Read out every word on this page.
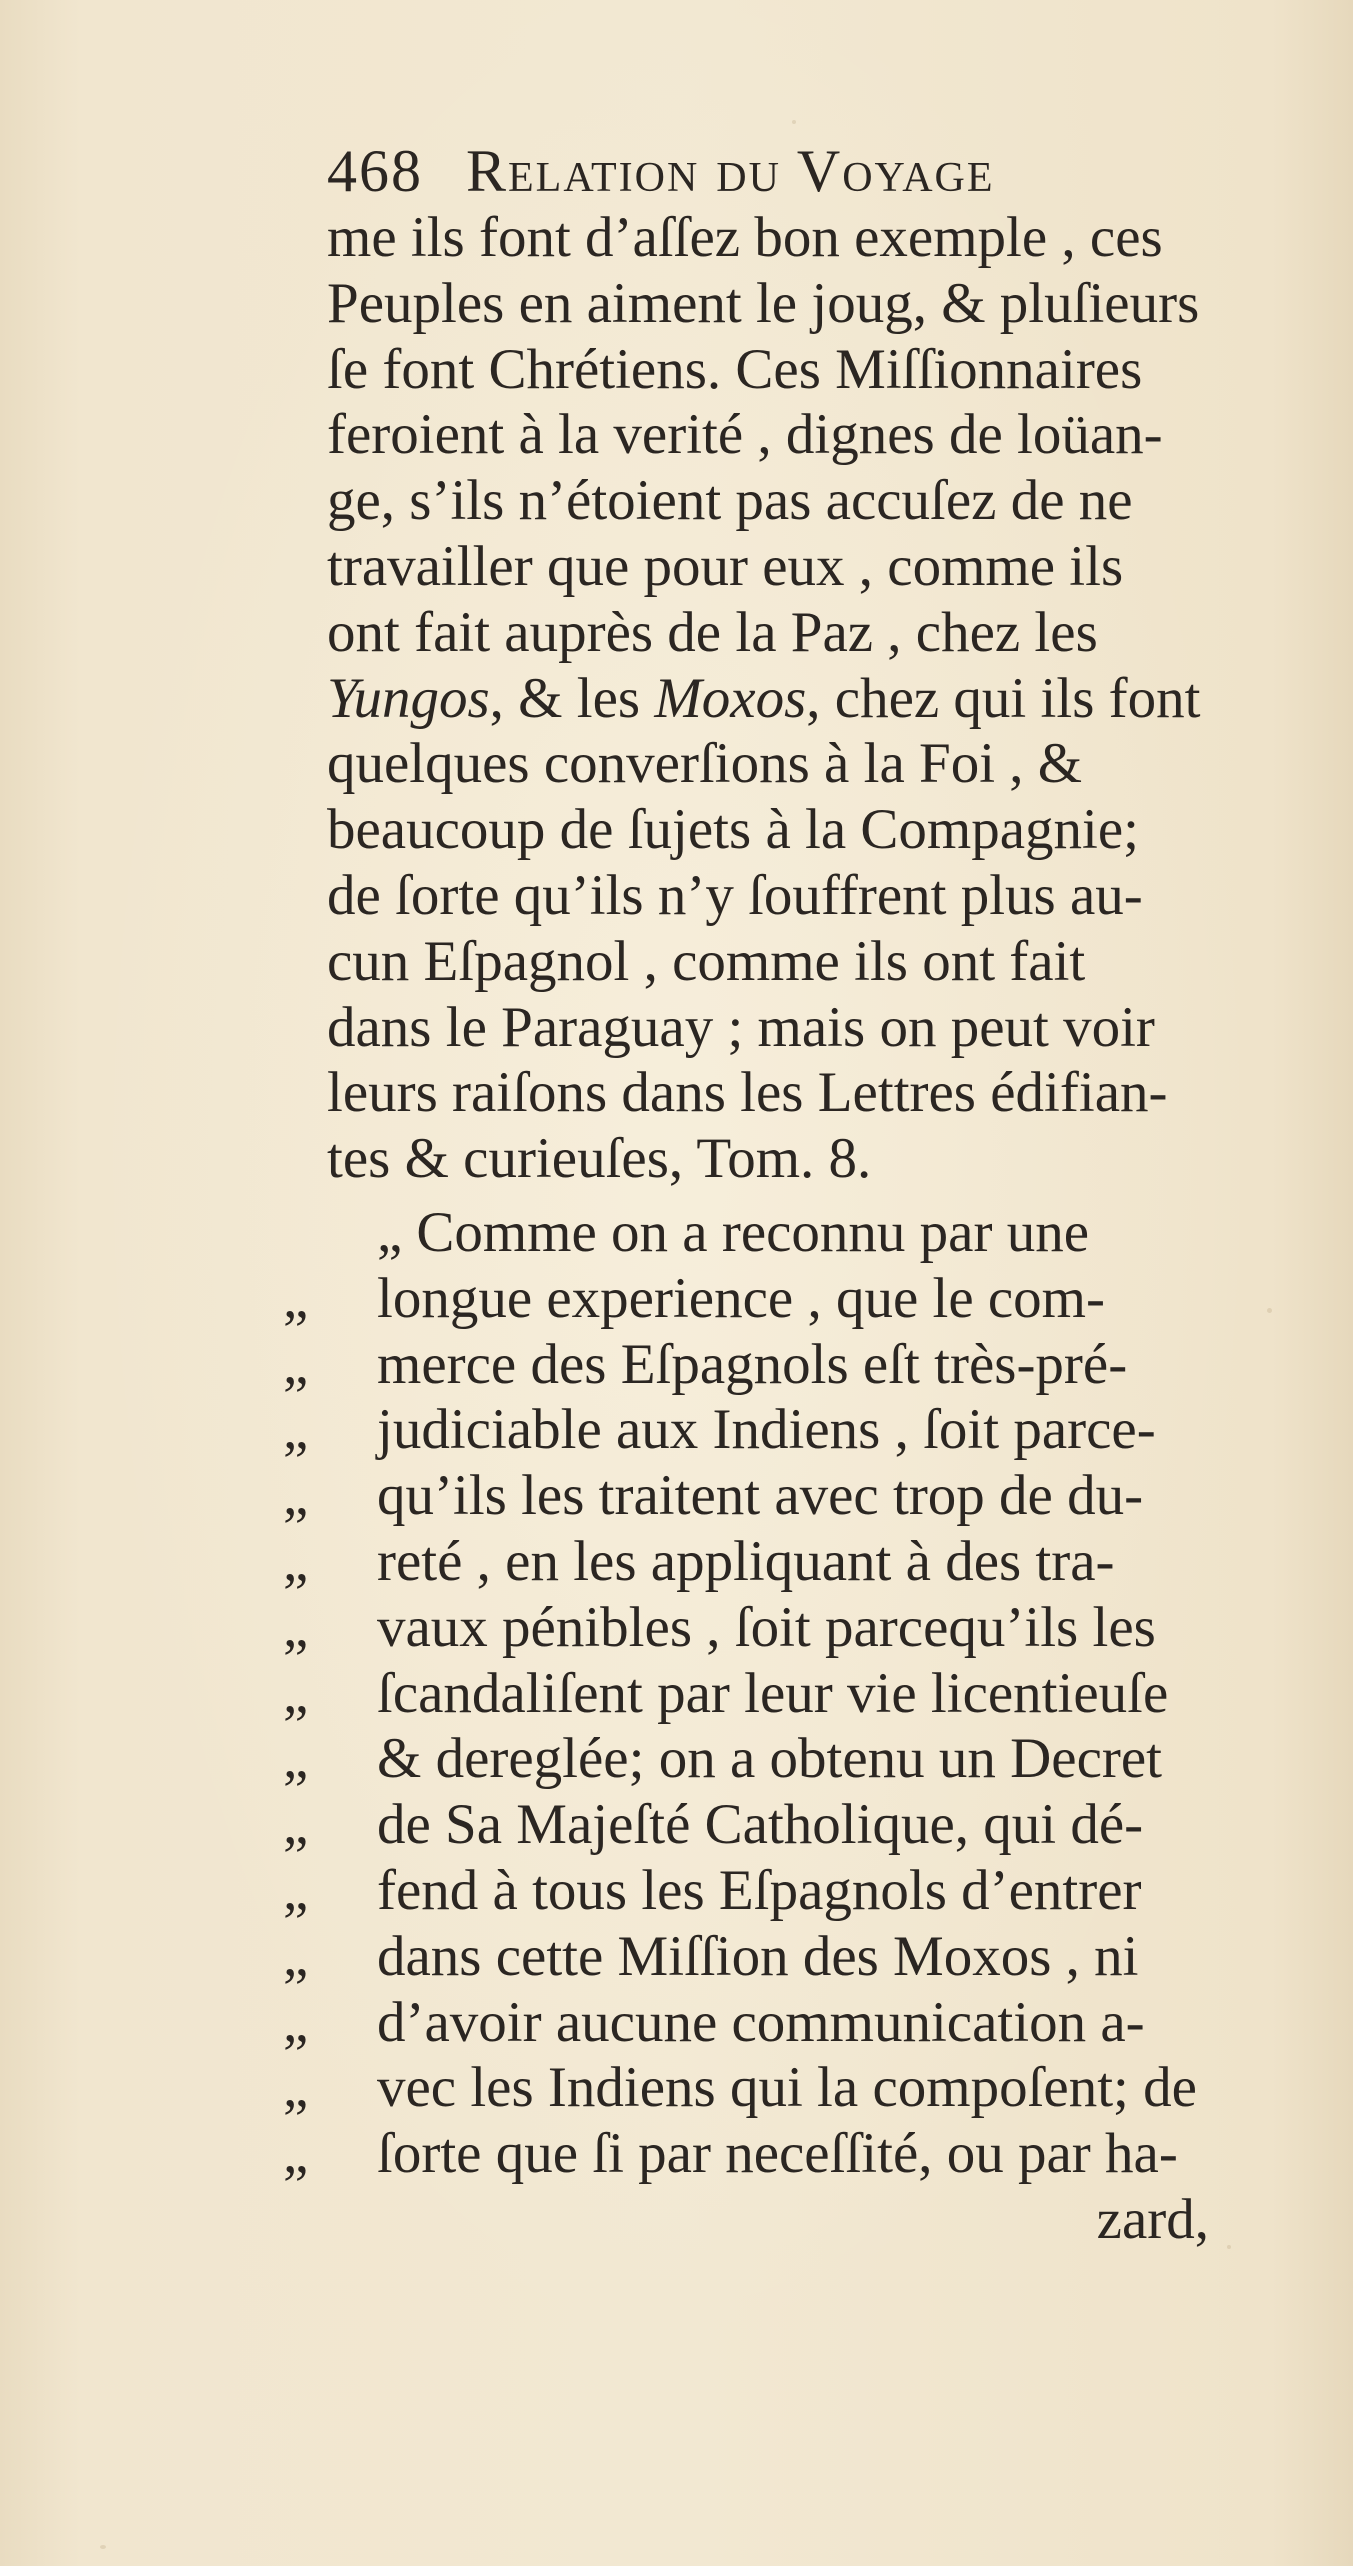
468 Relation du Voyage
me ils font d’aſſez bon exemple , ces
Peuples en aiment le joug, & pluſieurs
ſe font Chrétiens. Ces Miſſionnaires
feroient à la verité , dignes de loüan-
ge, s’ils n’étoient pas accuſez de ne
travailler que pour eux , comme ils
ont fait auprès de la Paz , chez les
Yungos, & les Moxos, chez qui ils font
quelques converſions à la Foi , &
beaucoup de ſujets à la Compagnie;
de ſorte qu’ils n’y ſouffrent plus au-
cun Eſpagnol , comme ils ont fait
dans le Paraguay ; mais on peut voir
leurs raiſons dans les Lettres édifian-
tes & curieuſes, Tom. 8.
„ Comme on a reconnu par une
„	longue experience , que le com-
„	merce des Eſpagnols eſt très-pré-
„	judiciable aux Indiens , ſoit parce-
„	qu’ils les traitent avec trop de du-
„	reté , en les appliquant à des tra-
„	vaux pénibles , ſoit parcequ’ils les
„	ſcandaliſent par leur vie licentieuſe
„	& dereglée; on a obtenu un Decret
„	de Sa Majeſté Catholique, qui dé-
„	fend à tous les Eſpagnols d’entrer
„	dans cette Miſſion des Moxos , ni
„	d’avoir aucune communication a-
„	vec les Indiens qui la compoſent; de
„	ſorte que ſi par neceſſité, ou par ha-
zard,
